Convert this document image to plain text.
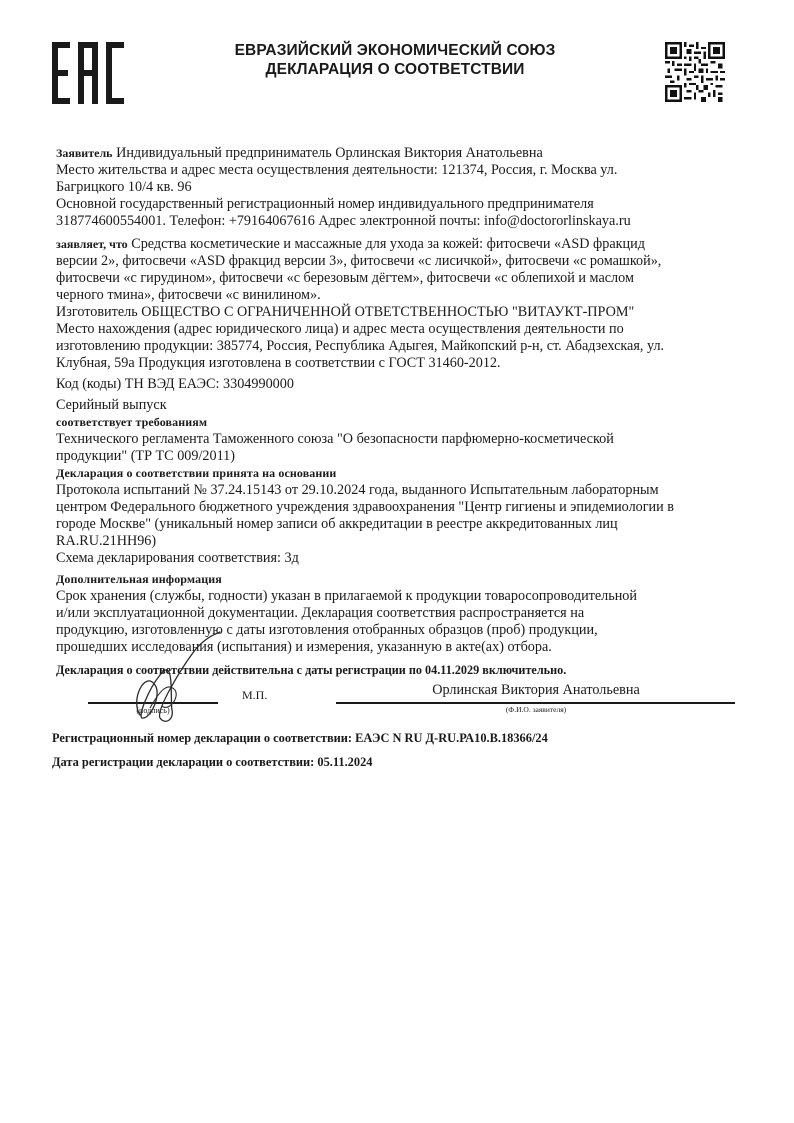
ЕВРАЗИЙСКИЙ ЭКОНОМИЧЕСКИЙ СОЮЗ
ДЕКЛАРАЦИЯ О СООТВЕТСТВИИ

Заявитель Индивидуальный предприниматель Орлинская Виктория Анатольевна

Место жительства и адрес места осуществления деятельности: 121374, Россия, г. Москва ул.

Багрицкого 10/4 кв. 96

Основной государственный регистрационный номер индивидуального предпринимателя

318774600554001. Телефон: +79164067616 Адрес электронной почты: info@doctororlinskaya.ru

заявляет, что Средства косметические и массажные для ухода за кожей: фитосвечи «ASD фракцид

версии 2», фитосвечи «ASD фракцид версии 3», фитосвечи «с лисичкой», фитосвечи «с ромашкой»,

фитосвечи «с гирудином», фитосвечи «с березовым дёгтем», фитосвечи «с облепихой и маслом

черного тмина», фитосвечи «с винилином».

Изготовитель ОБЩЕСТВО С ОГРАНИЧЕННОЙ ОТВЕТСТВЕННОСТЬЮ "ВИТАУКТ-ПРОМ"

Место нахождения (адрес юридического лица) и адрес места осуществления деятельности по

изготовлению продукции: 385774, Россия, Республика Адыгея, Майкопский р-н, ст. Абадзехская, ул.

Клубная, 59а Продукция изготовлена в соответствии с ГОСТ 31460-2012.

Код (коды) ТН ВЭД ЕАЭС: 3304990000

Серийный выпуск

соответствует требованиям

Технического регламента Таможенного союза "О безопасности парфюмерно-косметической

продукции" (ТР ТС 009/2011)

Декларация о соответствии принята на основании

Протокола испытаний № 37.24.15143 от 29.10.2024 года, выданного Испытательным лабораторным

центром Федерального бюджетного учреждения здравоохранения "Центр гигиены и эпидемиологии в

городе Москве" (уникальный номер записи об аккредитации в реестре аккредитованных лиц

RA.RU.21НН96)

Схема декларирования соответствия: 3д

Дополнительная информация

Срок хранения (службы, годности) указан в прилагаемой к продукции товаросопроводительной

и/или эксплуатационной документации. Декларация соответствия распространяется на

продукцию, изготовленную с даты изготовления отобранных образцов (проб) продукции,

прошедших исследования (испытания) и измерения, указанную в акте(ах) отбора.

Декларация о соответствии действительна с даты регистрации по 04.11.2029 включительно.
(подпись)
М.П.	Орлинская Виктория Анатольевна
(Ф.И.О. заявителя)
Регистрационный номер декларации о соответствии: ЕАЭС N RU Д-RU.РА10.В.18366/24
Дата регистрации декларации о соответствии: 05.11.2024
